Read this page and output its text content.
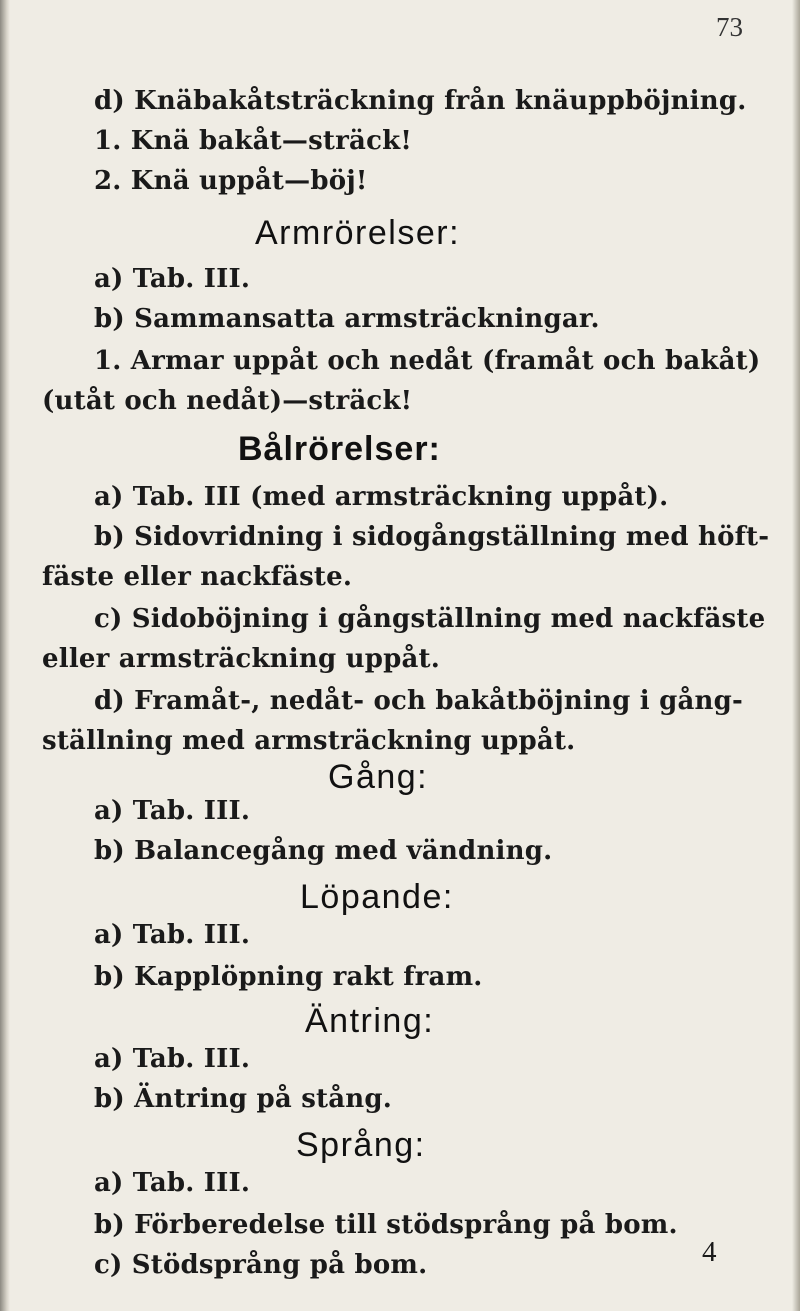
73
d) Knäbakåtsträckning från knäuppböjning.
1. Knä bakåt—sträck!
2. Knä uppåt—böj!
Armrörelser:
a) Tab. III.
b) Sammansatta armsträckningar.
1. Armar uppåt och nedåt (framåt och bakåt)
(utåt och nedåt)—sträck!
Bålrörelser:
a) Tab. III (med armsträckning uppåt).
b) Sidovridning i sidogångställning med höft-
fäste eller nackfäste.
c) Sidoböjning i gångställning med nackfäste
eller armsträckning uppåt.
d) Framåt-, nedåt- och bakåtböjning i gång-
ställning med armsträckning uppåt.
Gång:
a) Tab. III.
b) Balancegång med vändning.
Löpande:
a) Tab. III.
b) Kapplöpning rakt fram.
Äntring:
a) Tab. III.
b) Äntring på stång.
Språng:
a) Tab. III.
b) Förberedelse till stödsprång på bom.
c) Stödsprång på bom.	4
